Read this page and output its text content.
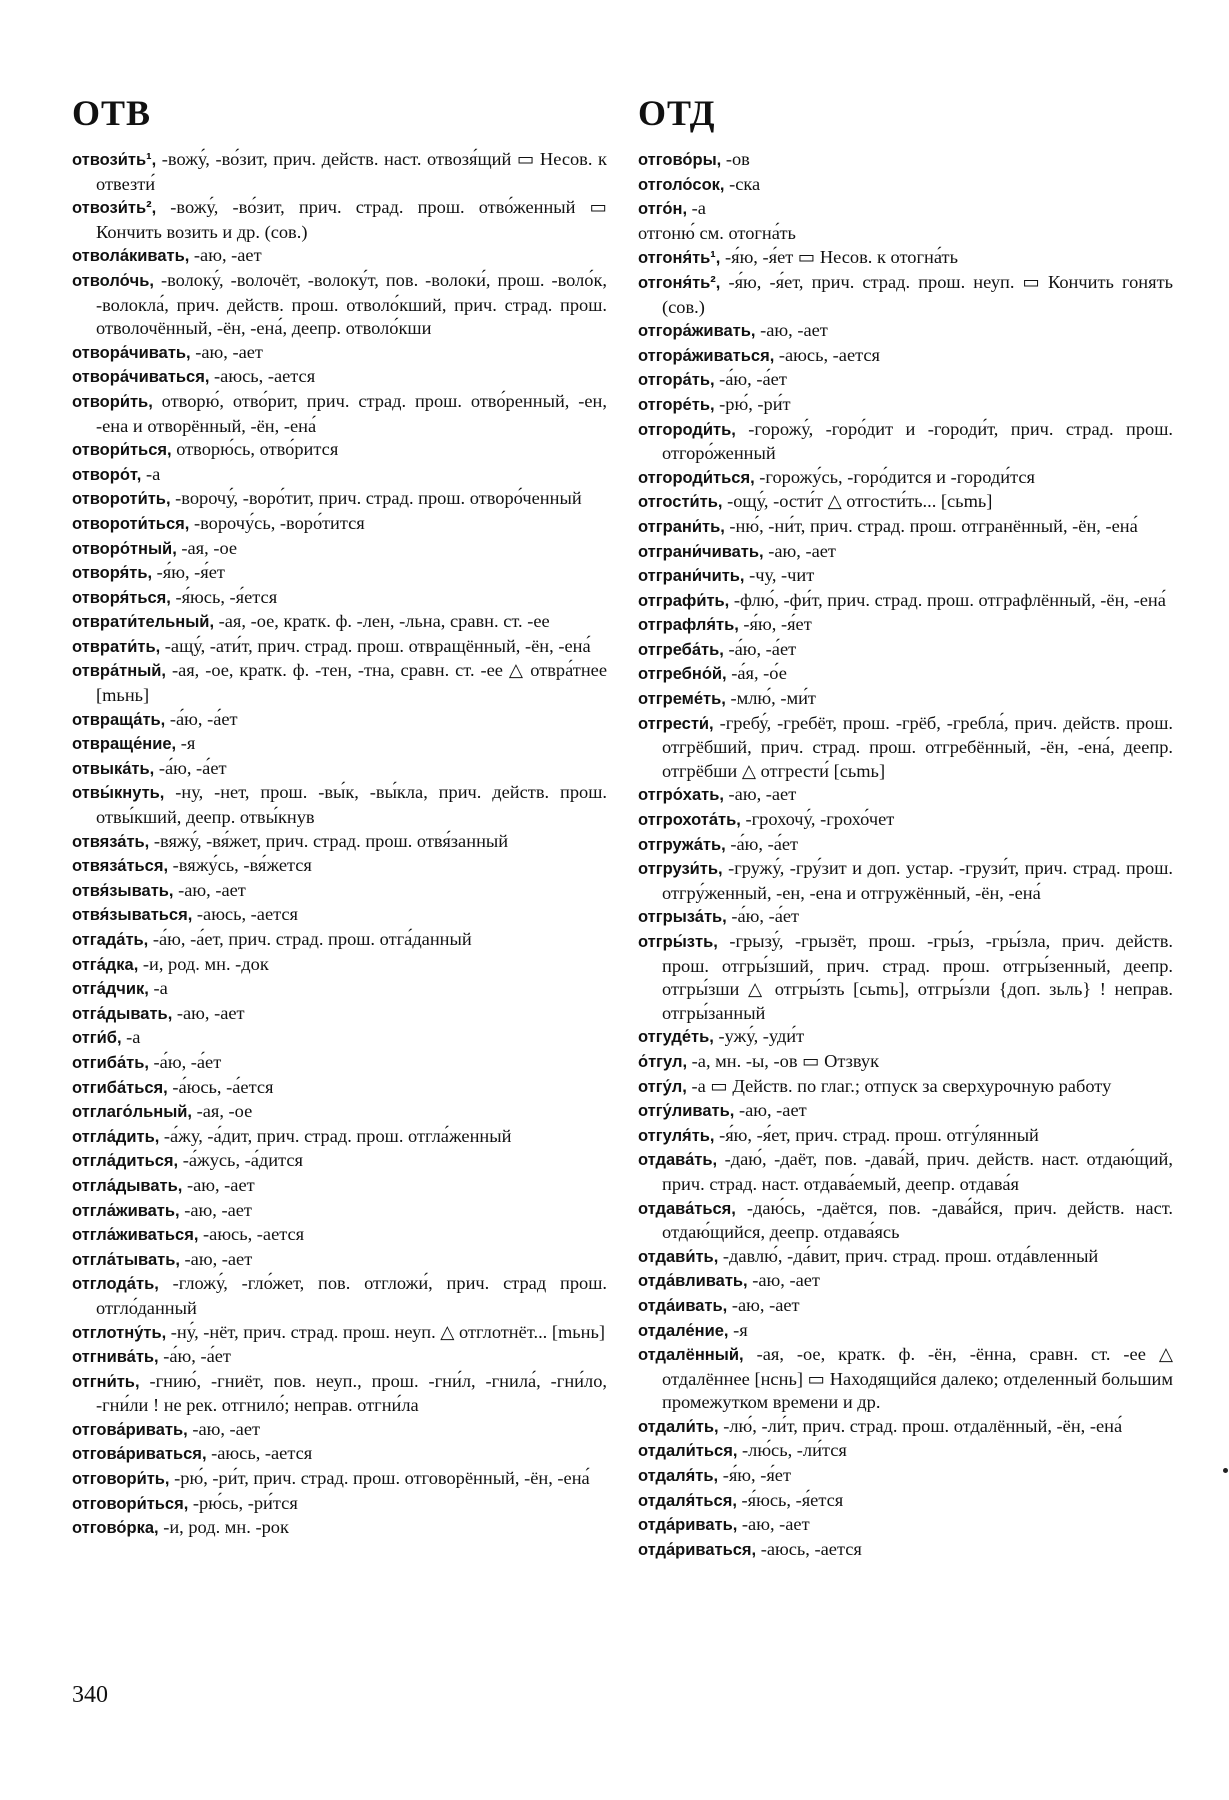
ОТВ	ОТД
отвози́ть¹, -вожу́, -во́зит, прич. действ. наст. отвозя́щий ▭ Несов. к отвезти́
отвози́ть², -вожу́, -во́зит, прич. страд. прош. отво́женный ▭ Кончить возить и др. (сов.)
отвола́кивать, -аю, -ает
отволо́чь, -волоку́, -волочёт, -волоку́т, пов. -волоки́, прош. -воло́к, -волокла́, прич. действ. прош. отволо́кший, прич. страд. прош. отволочённый, -ён, -ена́, деепр. отволо́кши
отвора́чивать, -аю, -ает
отвора́чиваться, -аюсь, -ается
отвори́ть, отворю́, отво́рит, прич. страд. прош. отво́ренный, -ен, -ена и отворённый, -ён, -ена́
отвори́ться, отворю́сь, отво́рится
отворо́т, -а
отвороти́ть, -ворочу́, -воро́тит, прич. страд. прош. отворо́ченный
отвороти́ться, -ворочу́сь, -воро́тится
отворо́тный, -ая, -ое
отворя́ть, -я́ю, -я́ет
отворя́ться, -я́юсь, -я́ется
отврати́тельный, -ая, -ое, кратк. ф. -лен, -льна, сравн. ст. -ее
отврати́ть, -ащу́, -ати́т, прич. страд. прош. отвращённый, -ён, -ена́
отвра́тный, -ая, -ое, кратк. ф. -тен, -тна, сравн. ст. -ее △ отвра́тнее [mьнь]
отвраща́ть, -а́ю, -а́ет
отвраще́ние, -я
отвыка́ть, -а́ю, -а́ет
отвы́кнуть, -ну, -нет, прош. -вы́к, -вы́кла, прич. действ. прош. отвы́кший, деепр. отвы́кнув
отвяза́ть, -вяжу́, -вя́жет, прич. страд. прош. отвя́занный
отвяза́ться, -вяжу́сь, -вя́жется
отвя́зывать, -аю, -ает
отвя́зываться, -аюсь, -ается
отгада́ть, -а́ю, -а́ет, прич. страд. прош. отга́данный
отга́дка, -и, род. мн. -док
отга́дчик, -а
отга́дывать, -аю, -ает
отги́б, -а
отгиба́ть, -а́ю, -а́ет
отгиба́ться, -а́юсь, -а́ется
отглаго́льный, -ая, -ое
отгла́дить, -а́жу, -а́дит, прич. страд. прош. отгла́женный
отгла́диться, -а́жусь, -а́дится
отгла́дывать, -аю, -ает
отгла́живать, -аю, -ает
отгла́живаться, -аюсь, -ается
отгла́тывать, -аю, -ает
отглода́ть, -гложу́, -гло́жет, пов. отгложи́, прич. страд прош. отгло́данный
отглотну́ть, -ну́, -нёт, прич. страд. прош. неуп. △ отглотнёт... [mьнь]
отгнива́ть, -а́ю, -а́ет
отгни́ть, -гнию́, -гниёт, пов. неуп., прош. -гни́л, -гнила́, -гни́ло, -гни́ли ! не рек. отгнило́; неправ. отгни́ла
отгова́ривать, -аю, -ает
отгова́риваться, -аюсь, -ается
отговори́ть, -рю́, -ри́т, прич. страд. прош. отговорённый, -ён, -ена́
отговори́ться, -рю́сь, -ри́тся
отгово́рка, -и, род. мн. -рок
отгово́ры, -ов
отголо́сок, -ска
отго́н, -а
отгоню́ см. отогна́ть
отгоня́ть¹, -я́ю, -я́ет ▭ Несов. к отогна́ть
отгоня́ть², -я́ю, -я́ет, прич. страд. прош. неуп. ▭ Кончить гонять (сов.)
отгора́живать, -аю, -ает
отгора́живаться, -аюсь, -ается
отгора́ть, -а́ю, -а́ет
отгоре́ть, -рю́, -ри́т
отгороди́ть, -горожу́, -горо́дит и -городи́т, прич. страд. прош. отгоро́женный
отгороди́ться, -горожу́сь, -горо́дится и -городи́тся
отгости́ть, -ощу́, -ости́т △ отгости́ть... [cьmь]
отграни́ть, -ню́, -ни́т, прич. страд. прош. отгранённый, -ён, -ена́
отграни́чивать, -аю, -ает
отграни́чить, -чу, -чит
отграфи́ть, -флю́, -фи́т, прич. страд. прош. отграфлённый, -ён, -ена́
отграфля́ть, -я́ю, -я́ет
отгреба́ть, -а́ю, -а́ет
отгребно́й, -а́я, -о́е
отгреме́ть, -млю́, -ми́т
отгрести́, -гребу́, -гребёт, прош. -грёб, -гребла́, прич. действ. прош. отгрёбший, прич. страд. прош. отгребённый, -ён, -ена́, деепр. отгрёбши △ отгрести́ [cьmь]
отгро́хать, -аю, -ает
отгрохота́ть, -грохочу́, -грохо́чет
отгружа́ть, -а́ю, -а́ет
отгрузи́ть, -гружу́, -гру́зит и доп. устар. -грузи́т, прич. страд. прош. отгру́женный, -ен, -ена и отгружённый, -ён, -ена́
отгрыза́ть, -а́ю, -а́ет
отгры́зть, -грызу́, -грызёт, прош. -гры́з, -гры́зла, прич. действ. прош. отгры́зший, прич. страд. прош. отгры́зенный, деепр. отгры́зши △ отгры́зть [cьmь], отгры́зли {доп. зьль} ! неправ. отгры́занный
отгуде́ть, -ужу́, -уди́т
о́тгул, -а, мн. -ы, -ов ▭ Отзвук
отгу́л, -а ▭ Действ. по глаг.; отпуск за сверхурочную работу
отгу́ливать, -аю, -ает
отгуля́ть, -я́ю, -я́ет, прич. страд. прош. отгу́лянный
отдава́ть, -даю́, -даёт, пов. -дава́й, прич. действ. наст. отдаю́щий, прич. страд. наст. отдава́емый, деепр. отдава́я
отдава́ться, -даю́сь, -даётся, пов. -дава́йся, прич. действ. наст. отдаю́щийся, деепр. отдава́ясь
отдави́ть, -давлю́, -да́вит, прич. страд. прош. отда́вленный
отда́вливать, -аю, -ает
отда́ивать, -аю, -ает
отдале́ние, -я
отдалённый, -ая, -ое, кратк. ф. -ён, -ённа, сравн. ст. -ее △ отдалённее [нснь] ▭ Находящийся далеко; отделенный большим промежутком времени и др.
отдали́ть, -лю́, -ли́т, прич. страд. прош. отдалённый, -ён, -ена́
отдали́ться, -лю́сь, -ли́тся
отдаля́ть, -я́ю, -я́ет
отдаля́ться, -я́юсь, -я́ется
отда́ривать, -аю, -ает
отда́риваться, -аюсь, -ается
340
